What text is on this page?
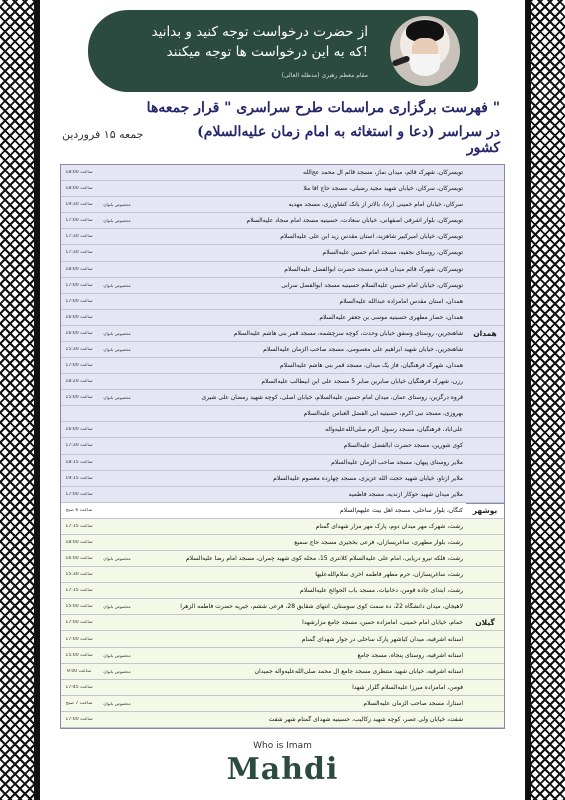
از حضرت درخواست توجه کنید و بدانید
که به این درخواست ها توجه میکنند!
مقام معظم رهبری (مدظله العالی)
فهرست برگزاری مراسمات طرح سراسری " قرار جمعه‌ها "
(دعا و استغاثه به امام زمان علیه‌السلام) در سراسر کشور
جمعه ۱۵ فروردین
همدان
ساعت 18:00	تویسرکان، شهرک قائم، میدان نماز، مسجد قائم آل محمد عج‌الله
ساعت 18:00	تویسرکان، سرکان، خیابان شهید مجید رضیلی، مسجد حاج آقا ملا
ساعت 19:30	مخصوص بانوان	سرکان، خیابان امام خمینی (ره)، بالاتر از بانک کشاورزی، مسجد مهدیه
ساعت 17:00	مخصوص بانوان	تویسرکان، بلوار اشرفی اصفهانی، خیابان سعادت، حسینیه مسجد امام سجاد علیه‌السلام
ساعت 17:30	تویسرکان، خیابان امیرکبیر شاهزید، آستان مقدس زید ابن علی علیه‌السلام
ساعت 17:30	تویسرکان، روستای نجفیه، مسجد امام حسین علیه‌السلام
ساعت 18:00	تویسرکان، شهرک قائم میدان قدس مسجد حضرت ابوالفضل علیه‌السلام
ساعت 17:00	مخصوص بانوان	تویسرکان، خیابان امام حسین علیه‌السلام حسینیه مسجد ابوالفضل سرابی
ساعت 17:00	همدان، آستان مقدس امامزاده عبدالله علیه‌السلام
ساعت 16:00	همدان، حصار مطهری حسینیه موسی بن جعفر علیه‌السلام
ساعت 16:00	مخصوص بانوان	شاهنجرین، روستای وسفق خیابان وحدت، کوچه سرچشمه، مسجد قمر بنی هاشم علیه‌السلام
ساعت 15:30	مخصوص بانوان	شاهنجرین، خیابان شهید ابراهیم علی معصومی، مسجد صاحب الزمان علیه‌السلام
ساعت 17:00	همدان، شهرک فرهنگیان، فاز یک میدان، مسجد قمر بنی هاشم علیه‌السلام
ساعت 18:20	رزن، شهرک فرهنگیان خیابان صابرین صابر 5 مسجد علی ابن ابیطالب علیه‌السلام
ساعت 15:00	مخصوص بانوان	قروه درگزین، روستای عمان، میدان امام حسین علیه‌السلام، خیابان اصلی، کوچه شهید رمضان علی شیری
بهروزی، مسجد نبی اکرم، حسینیه ابی الفضل العباس علیه‌السلام
ساعت 16:00	علی‌آباد، فرهنگیان، مسجد رسول اکرم صلی‌الله‌علیه‌وآله
ساعت 17:30	کوی شورین، مسجد حضرت ابالفضل علیه‌السلام
ساعت 18:15	ملایر روستای پیهان، مسجد صاحب الزمان علیه‌السلام
ساعت 19:15	ملایر ازناو، خیابان شهید حجت الله عزیزی، مسجد چهارده معصوم علیه‌السلام
ساعت 17:00	ملایر میدان شهید حوکار ازندیه، مسجد فاطمیه
بوشهر
ساعت 6 صبح	کنگان، بلوار ساحلی، مسجد اهل بیت علیهم‌السلام
گیلان
ساعت 17:15	رشت، شهرک مهر میدان دوم، پارک مهر مزار شهدای گمنام
ساعت 18:00	رشت، بلوار مطهری، ساغریسازان، فرعی بخجیری مسجد حاج سمیع
ساعت 16:00	مخصوص بانوان	رشت، فلکه نیرو دریایی، امام علی علیه‌السلام کلانتری 15، محله کوی شهید چمران، مسجد امام رضا علیه‌السلام
ساعت 15:30	رشت، ساغریسازان، حرم مطهر فاطمه اخری سلام‌الله‌علیها
ساعت 17:15	رشت، ابتدای جاده قومن، دخانیات، مسجد باب الحوائج علیه‌السلام
ساعت 15:00	مخصوص بانوان	لاهیجان، میدان دانشگاه 22، ده سمت کوی سوستان، انتهای شقایق 28، فرعی ششم، خیریه حضرت فاطمه الزهرا
ساعت 17:00	خمام، خیابان امام خمینی، امامزاده حسن، مسجد جامع مزارشهدا
ساعت 17:00	آستانه اشرفیه، میدان کیاشهر پارک ساحلی در جوار شهدای گمنام
ساعت 15:00	مخصوص بانوان	آستانه اشرفیه، روستای پنجاه، مسجد جامع
ساعت 9:00	مخصوص بانوان	آستانه اشرفیه، خیابان شهید منتظری مسجد جامع آل محمد صلی‌الله‌علیه‌وآله جمیدان
ساعت 17:45	فومن، امامزاده میرزا علیه‌السلام گلزار شهدا
ساعت 7 صبح	مخصوص بانوان	آستارا، مسجد صاحب الزمان علیه‌السلام
ساعت 17:00	شفت، خیابان ولی عصر، کوچه شهید زکالیب، حسینیه شهدای گمنام شهر شفت
Who is Imam
Mahdi
